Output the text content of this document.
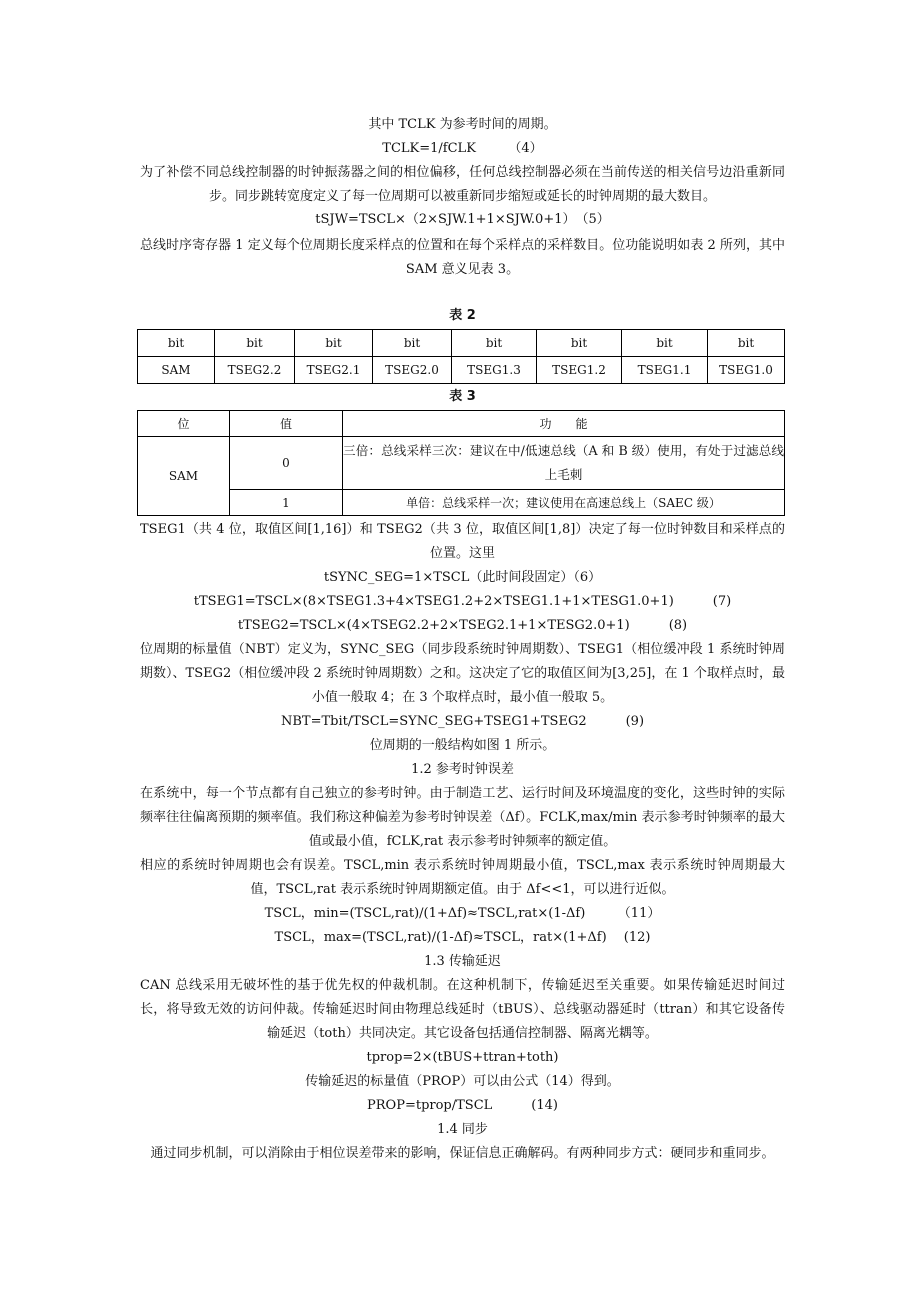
其中 TCLK 为参考时间的周期。

TCLK=1/fCLK　　　（4）

为了补偿不同总线控制器的时钟振荡器之间的相位偏移，任何总线控制器必须在当前传送的相关信号边沿重新同步。同步跳转宽度定义了每一位周期可以被重新同步缩短或延长的时钟周期的最大数目。

tSJW=TSCL×（2×SJW.1+1×SJW.0+1）　（5）

总线时序寄存器 1 定义每个位周期长度采样点的位置和在每个采样点的采样数目。位功能说明如表 2 所列，其中 SAM 意义见表 3。

表 2

bit	bit	bit	bit	bit	bit	bit	bit
SAM	TSEG2.2	TSEG2.1	TSEG2.0	TSEG1.3	TSEG1.2	TSEG1.1	TSEG1.0

表 3

位	值	功　　能
SAM	0	三倍：总线采样三次：建议在中/低速总线（A 和 B 级）使用，有处于过滤总线上毛刺
	1	单倍：总线采样一次；建议使用在高速总线上（SAEC 级）

TSEG1（共 4 位，取值区间[1,16]）和 TSEG2（共 3 位，取值区间[1,8]）决定了每一位时钟数目和采样点的位置。这里

tSYNC_SEG=1×TSCL（此时间段固定）（6）

tTSEG1=TSCL×(8×TSEG1.3+4×TSEG1.2+2×TSEG1.1+1×TESG1.0+1)　　　(7)

tTSEG2=TSCL×(4×TSEG2.2+2×TSEG2.1+1×TESG2.0+1)　　　(8)

位周期的标量值（NBT）定义为，SYNC_SEG（同步段系统时钟周期数）、TSEG1（相位缓冲段 1 系统时钟周期数）、TSEG2（相位缓冲段 2 系统时钟周期数）之和。这决定了它的取值区间为[3,25]，在 1 个取样点时，最小值一般取 4；在 3 个取样点时，最小值一般取 5。

NBT=Tbit/TSCL=SYNC_SEG+TSEG1+TSEG2　　　(9)

位周期的一般结构如图 1 所示。

1.2 参考时钟误差

在系统中，每一个节点都有自己独立的参考时钟。由于制造工艺、运行时间及环境温度的变化，这些时钟的实际频率往往偏离预期的频率值。我们称这种偏差为参考时钟误差（Δf）。FCLK,max/min 表示参考时钟频率的最大值或最小值，fCLK,rat 表示参考时钟频率的额定值。

相应的系统时钟周期也会有误差。TSCL,min 表示系统时钟周期最小值，TSCL,max 表示系统时钟周期最大值，TSCL,rat 表示系统时钟周期额定值。由于 Δf<<1，可以进行近似。

TSCL，min=(TSCL,rat)/(1+Δf)≈TSCL,rat×(1-Δf)　　　（11）

TSCL，max=(TSCL,rat)/(1-Δf)≈TSCL，rat×(1+Δf)　 (12)

1.3 传输延迟

CAN 总线采用无破坏性的基于优先权的仲裁机制。在这种机制下，传输延迟至关重要。如果传输延迟时间过长，将导致无效的访问仲裁。传输延迟时间由物理总线延时（tBUS）、总线驱动器延时（ttran）和其它设备传输延迟（toth）共同决定。其它设备包括通信控制器、隔离光耦等。

tprop=2×(tBUS+ttran+toth)

传输延迟的标量值（PROP）可以由公式（14）得到。

PROP=tprop/TSCL　　　(14)

1.4 同步

通过同步机制，可以消除由于相位误差带来的影响，保证信息正确解码。有两种同步方式：硬同步和重同步。
